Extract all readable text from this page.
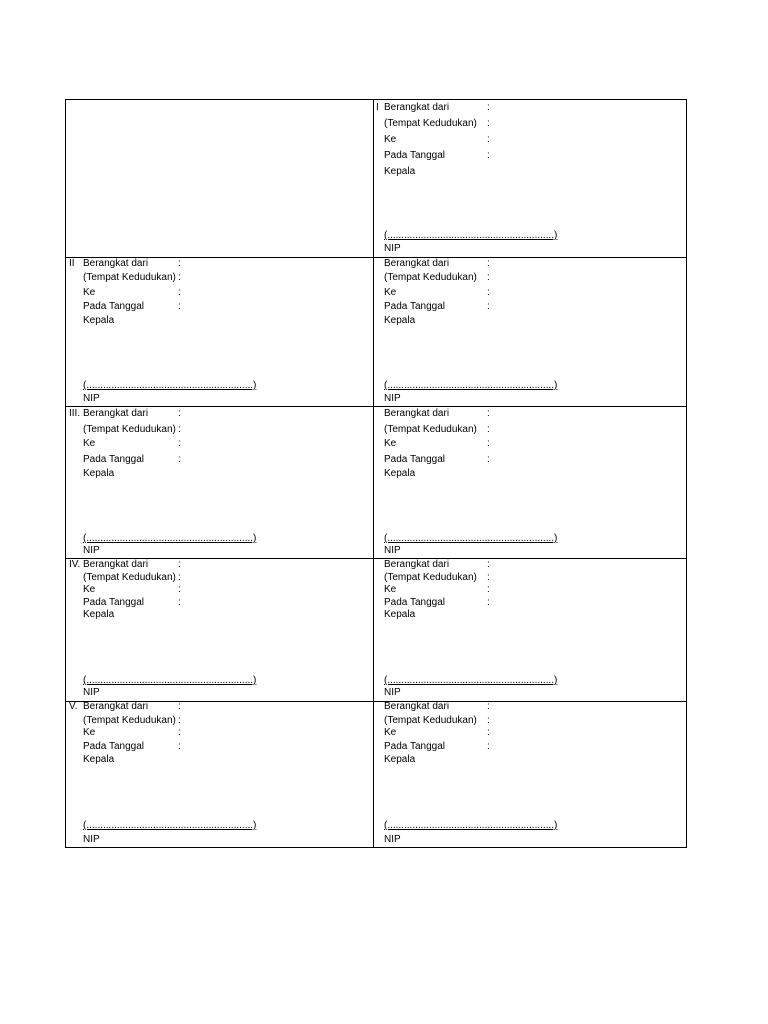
I Berangkat dari	:
(Tempat Kedudukan) :
Ke	:
Pada Tanggal	:
Kepala
(............................................................)
NIP
II Berangkat dari	:
(Tempat Kedudukan) :
Ke	:
Pada Tanggal	:
Kepala
(............................................................)
NIP
Berangkat dari	:
(Tempat Kedudukan) :
Ke	:
Pada Tanggal	:
Kepala
(............................................................)
NIP
III. Berangkat dari	:
(Tempat Kedudukan) :
Ke	:
Pada Tanggal	:
Kepala
(............................................................)
NIP
Berangkat dari	:
(Tempat Kedudukan) :
Ke	:
Pada Tanggal	:
Kepala
(............................................................)
NIP
IV. Berangkat dari	:
(Tempat Kedudukan) :
Ke	:
Pada Tanggal	:
Kepala
(............................................................)
NIP
Berangkat dari	:
(Tempat Kedudukan) :
Ke	:
Pada Tanggal	:
Kepala
(............................................................)
NIP
V. Berangkat dari	:
(Tempat Kedudukan) :
Ke	:
Pada Tanggal	:
Kepala
(............................................................)
NIP
Berangkat dari	:
(Tempat Kedudukan) :
Ke	:
Pada Tanggal	:
Kepala
(............................................................)
NIP
